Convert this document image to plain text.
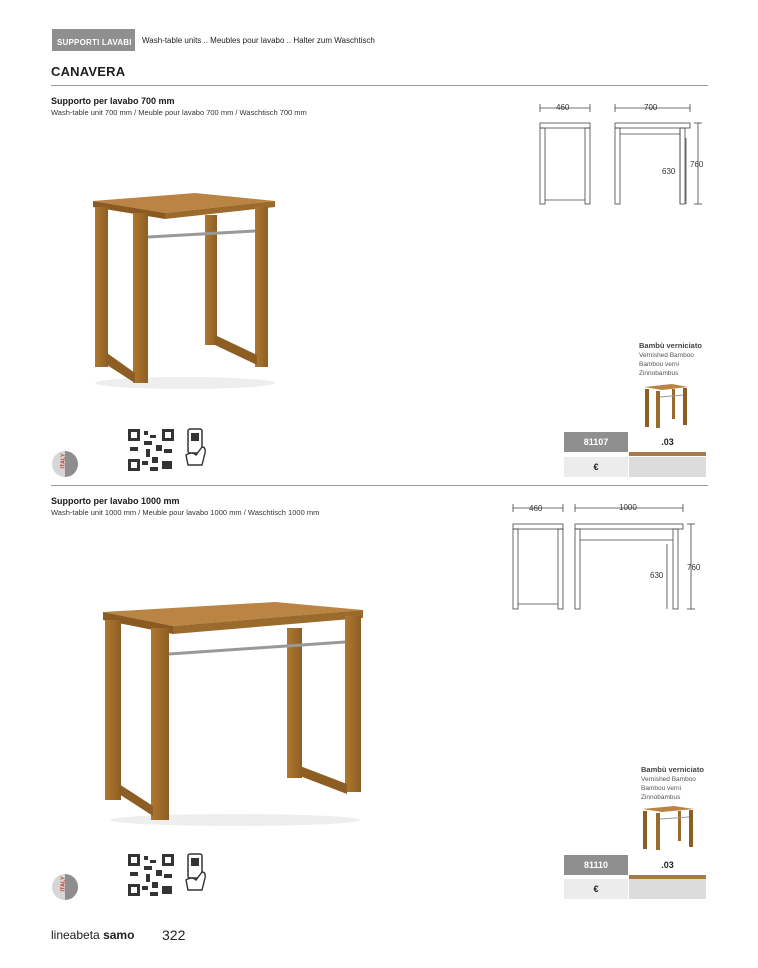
SUPPORTI LAVABI Wash-table units .. Meubles pour lavabo .. Halter zum Waschtisch
CANAVERA
Supporto per lavabo 700 mm
Wash-table unit 700 mm / Meuble pour lavabo 700 mm / Waschtisch 700 mm
460	700
630
760
ITALY
Bambù verniciato
Vernished Bamboo
Bambou verni
Zinnobambus
81107	.03
€
Supporto per lavabo 1000 mm
Wash-table unit 1000 mm / Meuble pour lavabo 1000 mm / Waschtisch 1000 mm	460	1000
630
760
ITALY
Bambù verniciato
Vernished Bamboo
Bambou verni
Zinnobambus
81110	.03
€
lineabeta samo 322
